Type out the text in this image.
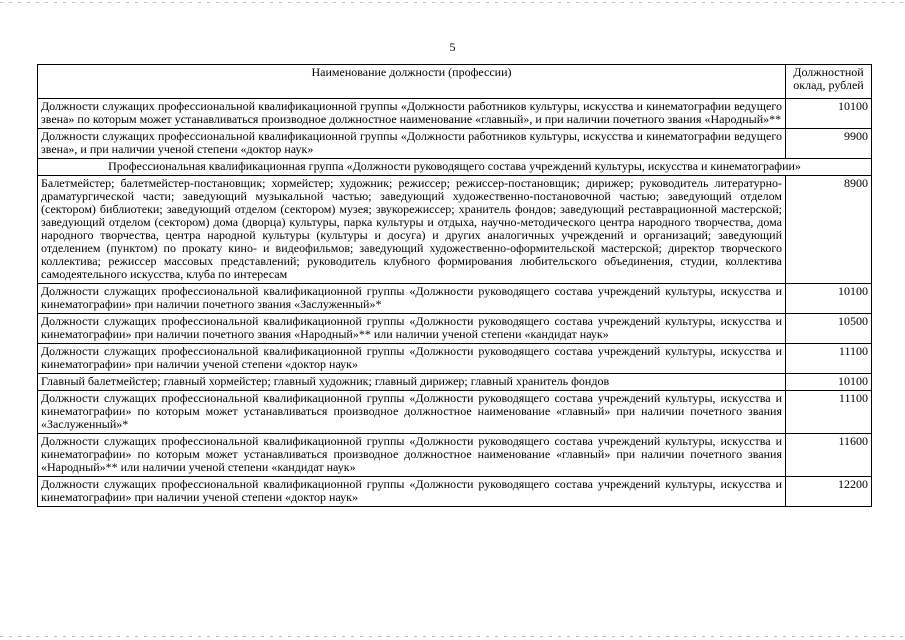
5
Наименование должности (профессии)	Должностной оклад, рублей
Должности служащих профессиональной квалификационной группы «Должности работников культуры, искусства и кинематографии ведущего звена» по которым может устанавливаться производное должностное наименование «главный», и при наличии почетного звания «Народный»**	10100
Должности служащих профессиональной квалификационной группы «Должности работников культуры, искусства и кинематографии ведущего звена», и при наличии ученой степени «доктор наук»	9900
Профессиональная квалификационная группа «Должности руководящего состава учреждений культуры, искусства и кинематографии»	
Балетмейстер; балетмейстер-постановщик; хормейстер; художник; режиссер; режиссер-постановщик; дирижер; руководитель литературно-драматургической части; заведующий музыкальной частью; заведующий художественно-постановочной частью; заведующий отделом (сектором) библиотеки; заведующий отделом (сектором) музея; звукорежиссер; хранитель фондов; заведующий реставрационной мастерской; заведующий отделом (сектором) дома (дворца) культуры, парка культуры и отдыха, научно-методического центра народного творчества, дома народного творчества, центра народной культуры (культуры и досуга) и других аналогичных учреждений и организаций; заведующий отделением (пунктом) по прокату кино- и видеофильмов; заведующий художественно-оформительской мастерской; директор творческого коллектива; режиссер массовых представлений; руководитель клубного формирования любительского объединения, студии, коллектива самодеятельного искусства, клуба по интересам	8900
Должности служащих профессиональной квалификационной группы «Должности руководящего состава учреждений культуры, искусства и кинематографии» при наличии почетного звания «Заслуженный»*	10100
Должности служащих профессиональной квалификационной группы «Должности руководящего состава учреждений культуры, искусства и кинематографии» при наличии почетного звания «Народный»** или наличии ученой степени «кандидат наук»	10500
Должности служащих профессиональной квалификационной группы «Должности руководящего состава учреждений культуры, искусства и кинематографии» при наличии ученой степени «доктор наук»	11100
Главный балетмейстер; главный хормейстер; главный художник; главный дирижер; главный хранитель фондов	10100
Должности служащих профессиональной квалификационной группы «Должности руководящего состава учреждений культуры, искусства и кинематографии» по которым может устанавливаться производное должностное наименование «главный» при наличии почетного звания «Заслуженный»*	11100
Должности служащих профессиональной квалификационной группы «Должности руководящего состава учреждений культуры, искусства и кинематографии» по которым может устанавливаться производное должностное наименование «главный» при наличии почетного звания «Народный»** или наличии ученой степени «кандидат наук»	11600
Должности служащих профессиональной квалификационной группы «Должности руководящего состава учреждений культуры, искусства и кинематографии» при наличии ученой степени «доктор наук»	12200
